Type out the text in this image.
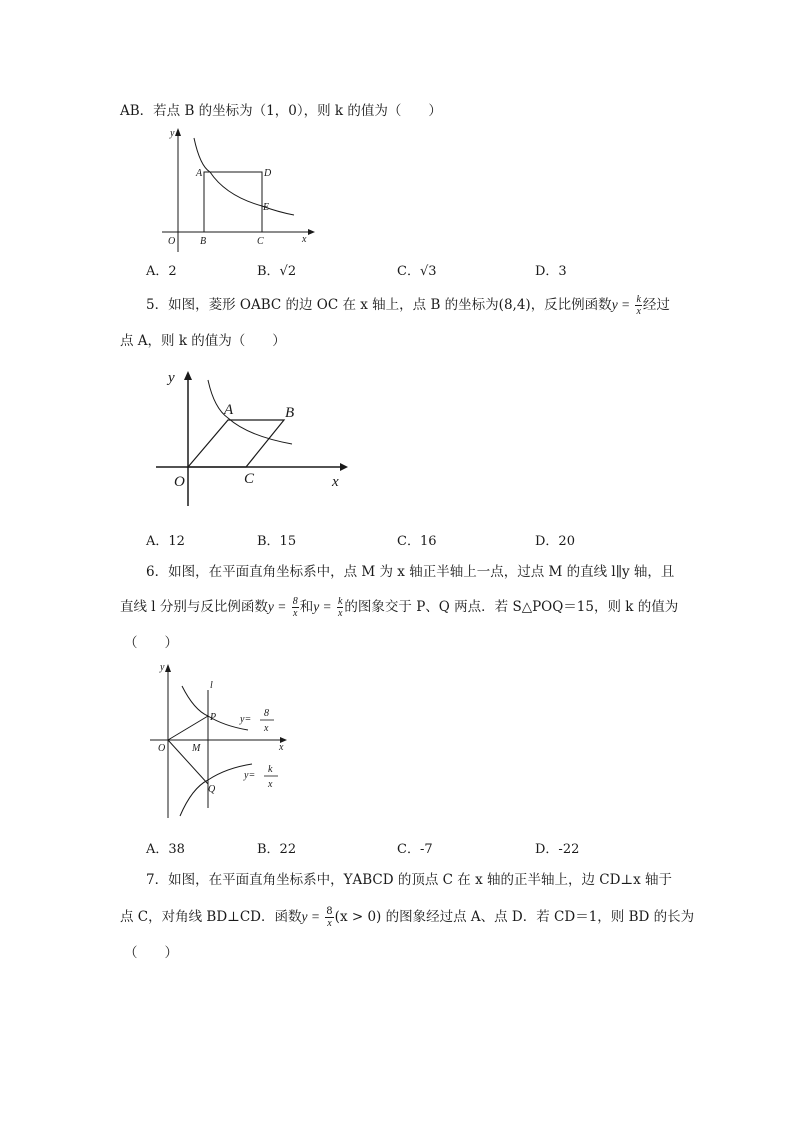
AB．若点 B 的坐标为（1，0），则 k 的值为（　　）
y
x
O
A	D
E
B	C
A．2	B．√2	C．√3	D．3
5．如图，菱形 OABC 的边 OC 在 x 轴上，点 B 的坐标为(8,4)，反比例函数$y = \frac{k}{x}$ 经过
点 A，则 k 的值为（　　）
y
x
O
A	B
C
A．12	B．15	C．16	D．20
6．如图，在平面直角坐标系中，点 M 为 x 轴正半轴上一点，过点 M 的直线 l∥y 轴，且
直线 l 分别与反比例函数$y = \frac{8}{x}$ 和$y = \frac{k}{x}$ 的图象交于 P、Q 两点．若 S△POQ＝15，则 k 的值为
（　　）
y
x
O	M
l
P
Q
y=
8
x
y=
k
x
A．38	B．22	C．-7	D．-22
7．如图，在平面直角坐标系中，ΥABCD 的顶点 C 在 x 轴的正半轴上，边 CD⊥x 轴于
点 C，对角线 BD⊥CD．函数$y = \frac{8}{x} (x > 0)$ 的图象经过点 A、点 D．若 CD＝1，则 BD 的长为
（　　）
